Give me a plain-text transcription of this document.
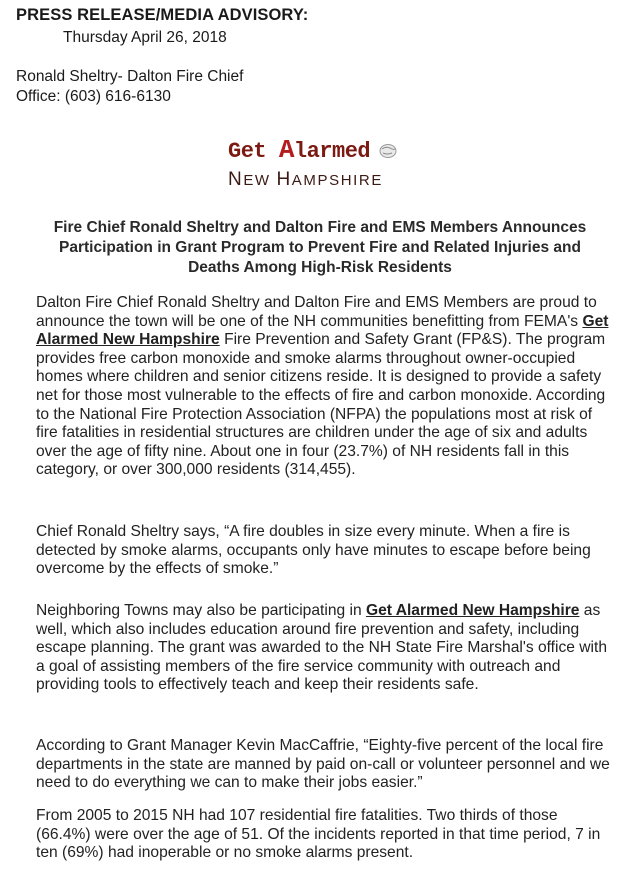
PRESS RELEASE/MEDIA ADVISORY:
Thursday April 26, 2018
Ronald Sheltry- Dalton Fire Chief
Office: (603) 616-6130
Get Alarmed
NEW HAMPSHIRE
Fire Chief Ronald Sheltry and Dalton Fire and EMS Members Announces
Participation in Grant Program to Prevent Fire and Related Injuries and
Deaths Among High-Risk Residents
Dalton Fire Chief Ronald Sheltry and Dalton Fire and EMS Members are proud to announce the town will be one of the NH communities benefitting from FEMA's Get Alarmed New Hampshire Fire Prevention and Safety Grant (FP&S). The program provides free carbon monoxide and smoke alarms throughout owner-occupied homes where children and senior citizens reside. It is designed to provide a safety net for those most vulnerable to the effects of fire and carbon monoxide. According to the National Fire Protection Association (NFPA) the populations most at risk of fire fatalities in residential structures are children under the age of six and adults over the age of fifty nine. About one in four (23.7%) of NH residents fall in this category, or over 300,000 residents (314,455).
Chief Ronald Sheltry says, “A fire doubles in size every minute. When a fire is detected by smoke alarms, occupants only have minutes to escape before being overcome by the effects of smoke.”
Neighboring Towns may also be participating in Get Alarmed New Hampshire as well, which also includes education around fire prevention and safety, including escape planning. The grant was awarded to the NH State Fire Marshal's office with a goal of assisting members of the fire service community with outreach and providing tools to effectively teach and keep their residents safe.
According to Grant Manager Kevin MacCaffrie, “Eighty-five percent of the local fire departments in the state are manned by paid on-call or volunteer personnel and we need to do everything we can to make their jobs easier.”
From 2005 to 2015 NH had 107 residential fire fatalities. Two thirds of those (66.4%) were over the age of 51. Of the incidents reported in that time period, 7 in ten (69%) had inoperable or no smoke alarms present.
